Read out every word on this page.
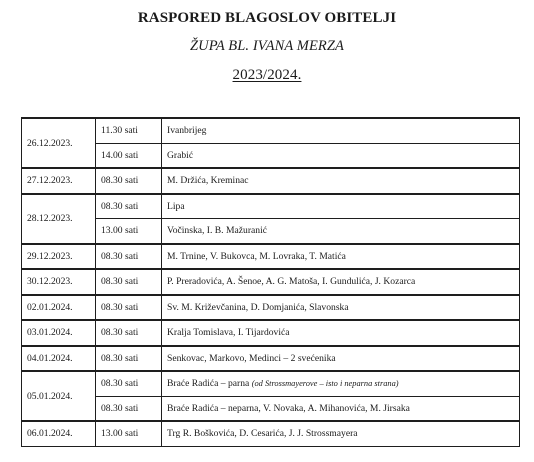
RASPORED BLAGOSLOV OBITELJI
ŽUPA BL. IVANA MERZA
2023/2024.
26.12.2023.	11.30 sati	Ivanbrijeg
	14.00 sati	Grabić
27.12.2023.	08.30 sati	M. Držića, Kreminac
28.12.2023.	08.30 sati	Lipa
	13.00 sati	Vočinska, I. B. Mažuranić
29.12.2023.	08.30 sati	M. Trnine, V. Bukovca, M. Lovraka, T. Matića
30.12.2023.	08.30 sati	P. Preradovića, A. Šenoe, A. G. Matoša, I. Gundulića, J. Kozarca
02.01.2024.	08.30 sati	Sv. M. Križevčanina, D. Domjanića, Slavonska
03.01.2024.	08.30 sati	Kralja Tomislava, I. Tijardovića
04.01.2024.	08.30 sati	Senkovac, Markovo, Medinci – 2 svećenika
05.01.2024.	08.30 sati	Braće Radića – parna (od Strossmayerove – isto i neparna strana)
	08.30 sati	Braće Radića – neparna, V. Novaka, A. Mihanovića, M. Jirsaka
06.01.2024.	13.00 sati	Trg R. Boškovića, D. Cesarića, J. J. Strossmayera
